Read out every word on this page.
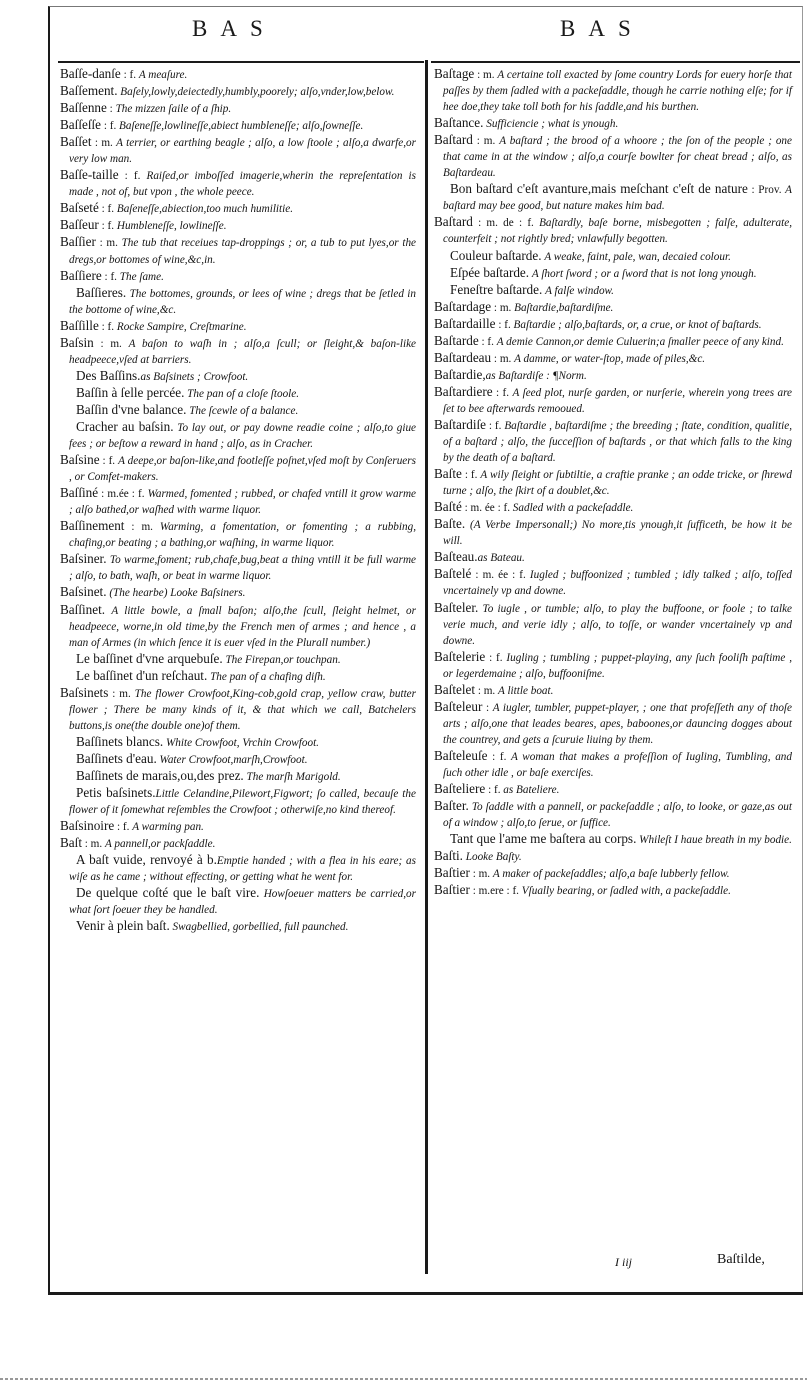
BAS	BAS

Baſſe-danſe : f. A meaſure.

Baſſement. Baſely,lowly,deiectedly,humbly,poorely; alſo,vnder,low,below.

Baſſenne : The mizzen ſaile of a ſhip.

Baſſeſſe : f. Baſeneſſe,lowlineſſe,abiect humbleneſſe; alſo,ſowneſſe.

Baſſet : m. A terrier, or earthing beagle ; alſo, a low ſtoole ; alſo,a dwarfe,or very low man.

Baſſe-taille : f. Raiſed,or imboſſed imagerie,wherin the repreſentation is made , not of, but vpon , the whole peece.

Baſseté : f. Baſeneſſe,abiection,too much humilitie.

Baſſeur : f. Humbleneſſe, lowlineſſe.

Baſſier : m. The tub that receiues tap-droppings ; or, a tub to put lyes,or the dregs,or bottomes of wine,&c,in.

Baſſiere : f. The ſame.

Baſſieres. The bottomes, grounds, or lees of wine ; dregs that be ſetled in the bottome of wine,&c.

Baſſille : f. Rocke Sampire, Creſtmarine.

Baſsin : m. A baſon to waſh in ; alſo,a ſcull; or ſleight,& baſon-like headpeece,vſed at barriers.

Des Baſſins.as Baſsinets ; Crowfoot.

Baſſin à ſelle percée. The pan of a cloſe ſtoole.

Baſſin d'vne balance. The ſcewle of a balance.

Cracher au baſsin. To lay out, or pay downe readie coine ; alſo,to giue fees ; or beſtow a reward in hand ; alſo, as in Cracher.

Baſsine : f. A deepe,or baſon-like,and footleſſe poſnet,vſed moſt by Conſeruers , or Comfet-makers.

Baſſiné : m.ée : f. Warmed, fomented ; rubbed, or chafed vntill it grow warme ; alſo bathed,or waſhed with warme liquor.

Baſſinement : m. Warming, a fomentation, or fomenting ; a rubbing, chafing,or beating ; a bathing,or waſhing, in warme liquor.

Baſsiner. To warme,foment; rub,chafe,bug,beat a thing vntill it be full warme ; alſo, to bath, waſh, or beat in warme liquor.

Baſsinet. (The hearbe) Looke Baſsiners.

Baſſinet. A little bowle, a ſmall baſon; alſo,the ſcull, ſleight helmet, or headpeece, worne,in old time,by the French men of armes ; and hence , a man of Armes (in which ſence it is euer vſed in the Plurall number.)

Le baſſinet d'vne arquebuſe. The Firepan,or touchpan.

Le baſſinet d'un reſchaut. The pan of a chafing diſh.

Baſsinets : m. The flower Crowfoot,King-cob,gold crap, yellow craw, butter flower ; There be many kinds of it, & that which we call, Batchelers buttons,is one(the double one)of them.

Baſſinets blancs. White Crowfoot, Vrchin Crowfoot.

Baſſinets d'eau. Water Crowfoot,marſh,Crowfoot.

Baſſinets de marais,ou,des prez. The marſh Marigold.

Petis baſsinets.Little Celandine,Pilewort,Figwort; ſo called, becauſe the flower of it ſomewhat reſembles the Crowfoot ; otherwiſe,no kind thereof.

Baſsinoire : f. A warming pan.

Baſt : m. A pannell,or packſaddle.

A baſt vuide, renvoyé à b.Emptie handed ; with a flea in his eare; as wiſe as he came ; without effecting, or getting what he went for.

De quelque coſté que le baſt vire. Howſoeuer matters be carried,or what ſort ſoeuer they be handled.

Venir à plein baſt. Swagbellied, gorbellied, full paunched.

Baſtage : m. A certaine toll exacted by ſome country Lords for euery horſe that paſſes by them ſadled with a packeſaddle, though he carrie nothing elſe; for if hee doe,they take toll both for his ſaddle,and his burthen.

Baſtance. Sufficiencie ; what is ynough.

Baſtard : m. A baſtard ; the brood of a whoore ; the ſon of the people ; one that came in at the window ; alſo,a courſe bowlter for cheat bread ; alſo, as Baſtardeau.

Bon baſtard c'eſt avanture,mais meſchant c'eſt de nature : Prov. A baſtard may bee good, but nature makes him bad.

Baſtard : m. de : f. Baſtardly, baſe borne, misbegotten ; falſe, adulterate, counterfeit ; not rightly bred; vnlawfully begotten.

Couleur baſtarde. A weake, faint, pale, wan, decaied colour.

Eſpée baſtarde. A ſhort ſword ; or a ſword that is not long ynough.

Feneſtre baſtarde. A falſe window.

Baſtardage : m. Baſtardie,baſtardiſme.

Baſtardaille : f. Baſtardie ; alſo,baſtards, or, a crue, or knot of baſtards.

Baſtarde : f. A demie Cannon,or demie Culuerin;a ſmaller peece of any kind.

Baſtardeau : m. A damme, or water-ſtop, made of piles,&c.

Baſtardie,as Baſtardiſe : ¶Norm.

Baſtardiere : f. A ſeed plot, nurſe garden, or nurſerie, wherein yong trees are ſet to bee afterwards remooued.

Baſtardiſe : f. Baſtardie , baſtardiſme ; the breeding ; ſtate, condition, qualitie, of a baſtard ; alſo, the ſucceſſion of baſtards , or that which falls to the king by the death of a baſtard.

Baſte : f. A wily ſleight or ſubtiltie, a craftie pranke ; an odde tricke, or ſhrewd turne ; alſo, the ſkirt of a doublet,&c.

Baſté : m. ée : f. Sadled with a packeſaddle.

Baſte. (A Verbe Impersonall;) No more,tis ynough,it ſufficeth, be how it be will.

Baſteau.as Bateau.

Baſtelé : m. ée : f. Iugled ; buffoonized ; tumbled ; idly talked ; alſo, toſſed vncertainely vp and downe.

Baſteler. To iugle , or tumble; alſo, to play the buffoone, or foole ; to talke verie much, and verie idly ; alſo, to toſſe, or wander vncertainely vp and downe.

Baſtelerie : f. Iugling ; tumbling ; puppet-playing, any ſuch fooliſh paſtime , or legerdemaine ; alſo, buffooniſme.

Baſtelet : m. A little boat.

Baſteleur : A iugler, tumbler, puppet-player, ; one that profeſſeth any of thoſe arts ; alſo,one that leades beares, apes, baboones,or dauncing dogges about the countrey, and gets a ſcuruie liuing by them.

Baſteleuſe : f. A woman that makes a profeſſion of Iugling, Tumbling, and ſuch other idle , or baſe exerciſes.

Baſteliere : f. as Bateliere.

Baſter. To ſaddle with a pannell, or packeſaddle ; alſo, to looke, or gaze,as out of a window ; alſo,to ſerue, or ſuffice.

Tant que l'ame me baſtera au corps. Whileſt I haue breath in my bodie.

Baſti. Looke Baſty.

Baſtier : m. A maker of packeſaddles; alſo,a baſe lubberly fellow.

Baſtier : m.ere : f. Vſually bearing, or ſadled with, a packeſaddle.

I iij	Baſtilde,
